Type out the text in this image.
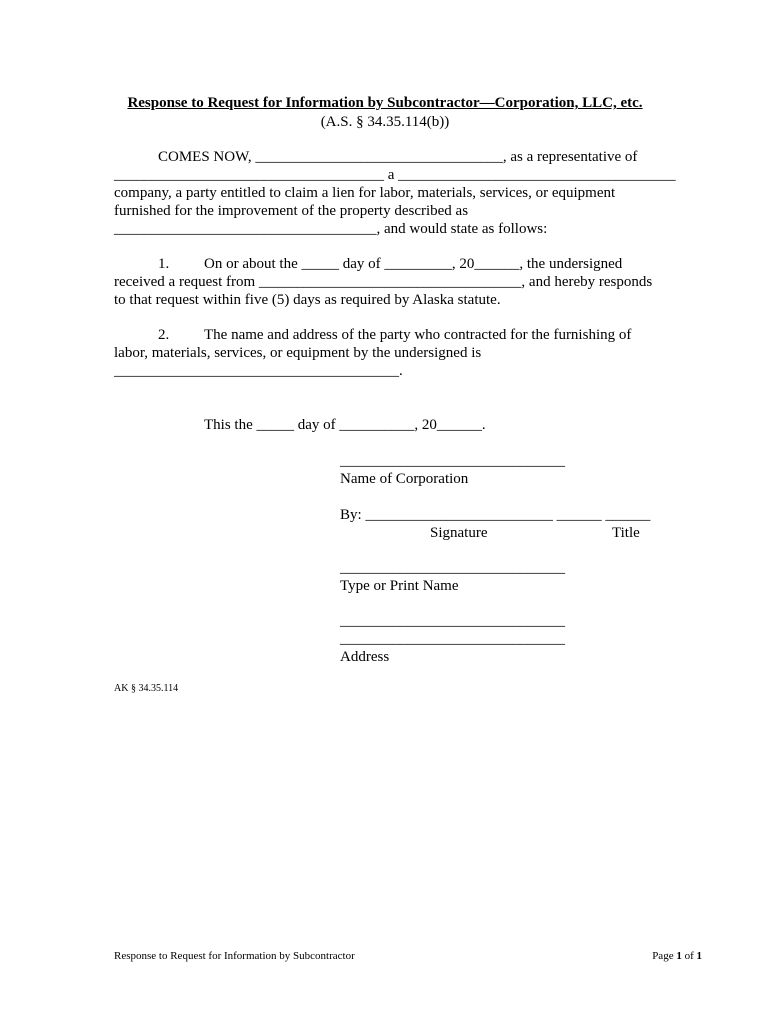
Response to Request for Information by Subcontractor—Corporation, LLC, etc.
(A.S. § 34.35.114(b))
COMES NOW, _________________________________, as a representative of
____________________________________ a _____________________________________
company, a party entitled to claim a lien for labor, materials, services, or equipment
furnished for the improvement of the property described as
___________________________________, and would state as follows:
1. On or about the _____ day of _________, 20______, the undersigned
received a request from ___________________________________, and hereby responds
to that request within five (5) days as required by Alaska statute.
2. The name and address of the party who contracted for the furnishing of
labor, materials, services, or equipment by the undersigned is
______________________________________.
This the _____ day of __________, 20______.
______________________________
Name of Corporation
By: _________________________ ______ ______
Signature	Title
______________________________
Type or Print Name
______________________________
______________________________
Address
AK § 34.35.114
Response to Request for Information by Subcontractor	Page 1 of 1
